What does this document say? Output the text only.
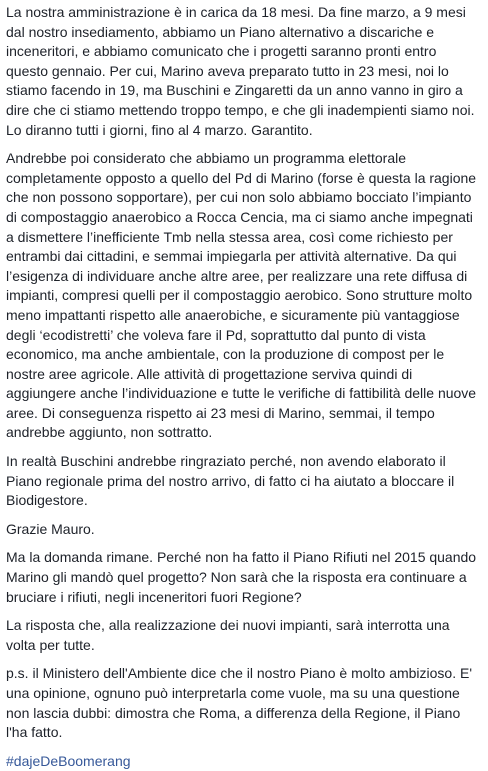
La nostra amministrazione è in carica da 18 mesi. Da fine marzo, a 9 mesi dal nostro insediamento, abbiamo un Piano alternativo a discariche e inceneritori, e abbiamo comunicato che i progetti saranno pronti entro questo gennaio. Per cui, Marino aveva preparato tutto in 23 mesi, noi lo stiamo facendo in 19, ma Buschini e Zingaretti da un anno vanno in giro a dire che ci stiamo mettendo troppo tempo, e che gli inadempienti siamo noi. Lo diranno tutti i giorni, fino al 4 marzo. Garantito.

Andrebbe poi considerato che abbiamo un programma elettorale completamente opposto a quello del Pd di Marino (forse è questa la ragione che non possono sopportare), per cui non solo abbiamo bocciato l’impianto di compostaggio anaerobico a Rocca Cencia, ma ci siamo anche impegnati a dismettere l’inefficiente Tmb nella stessa area, così come richiesto per entrambi dai cittadini, e semmai impiegarla per attività alternative. Da qui l’esigenza di individuare anche altre aree, per realizzare una rete diffusa di impianti, compresi quelli per il compostaggio aerobico. Sono strutture molto meno impattanti rispetto alle anaerobiche, e sicuramente più vantaggiose degli ‘ecodistretti’ che voleva fare il Pd, soprattutto dal punto di vista economico, ma anche ambientale, con la produzione di compost per le nostre aree agricole. Alle attività di progettazione serviva quindi di aggiungere anche l’individuazione e tutte le verifiche di fattibilità delle nuove aree. Di conseguenza rispetto ai 23 mesi di Marino, semmai, il tempo andrebbe aggiunto, non sottratto.

In realtà Buschini andrebbe ringraziato perché, non avendo elaborato il Piano regionale prima del nostro arrivo, di fatto ci ha aiutato a bloccare il Biodigestore.

Grazie Mauro.

Ma la domanda rimane. Perché non ha fatto il Piano Rifiuti nel 2015 quando Marino gli mandò quel progetto? Non sarà che la risposta era continuare a bruciare i rifiuti, negli inceneritori fuori Regione?

La risposta che, alla realizzazione dei nuovi impianti, sarà interrotta una volta per tutte.

p.s. il Ministero dell'Ambiente dice che il nostro Piano è molto ambizioso. E' una opinione, ognuno può interpretarla come vuole, ma su una questione non lascia dubbi: dimostra che Roma, a differenza della Regione, il Piano l'ha fatto.

#dajeDeBoomerang
